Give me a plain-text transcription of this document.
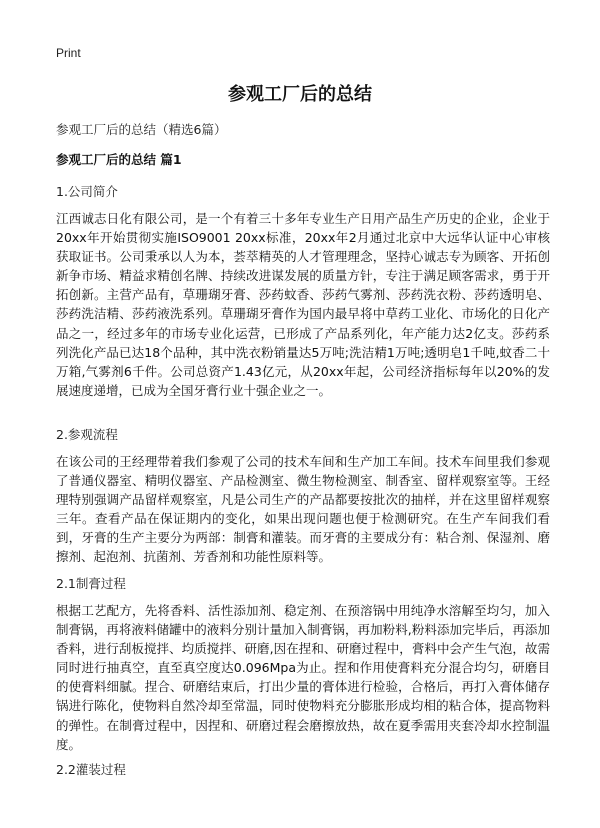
Print
参观工厂后的总结
参观工厂后的总结（精选6篇）
参观工厂后的总结 篇1
1.公司简介
江西诚志日化有限公司，是一个有着三十多年专业生产日用产品生产历史的企业，企业于20xx年开始贯彻实施ISO9001 20xx标准，20xx年2月通过北京中大远华认证中心审核获取证书。公司秉承以人为本，荟萃精英的人才管理理念，坚持心诚志专为顾客、开拓创新争市场、精益求精创名牌、持续改进谋发展的质量方针，专注于满足顾客需求，勇于开拓创新。主营产品有，草珊瑚牙膏、莎药蚊香、莎药气雾剂、莎药洗衣粉、莎药透明皂、莎药洗洁精、莎药液洗系列。草珊瑚牙膏作为国内最早将中草药工业化、市场化的日化产品之一，经过多年的市场专业化运营，已形成了产品系列化，年产能力达2亿支。莎药系列洗化产品已达18个品种，其中洗衣粉销量达5万吨;洗洁精1万吨;透明皂1千吨,蚊香二十万箱,气雾剂6千件。公司总资产1.43亿元，从20xx年起，公司经济指标每年以20%的发展速度递增，已成为全国牙膏行业十强企业之一。
2.参观流程
在该公司的王经理带着我们参观了公司的技术车间和生产加工车间。技术车间里我们参观了普通仪器室、精明仪器室、产品检测室、微生物检测室、制香室、留样观察室等。王经理特别强调产品留样观察室，凡是公司生产的产品都要按批次的抽样，并在这里留样观察三年。查看产品在保证期内的变化，如果出现问题也便于检测研究。在生产车间我们看到，牙膏的生产主要分为两部：制膏和灌装。而牙膏的主要成分有：粘合剂、保湿剂、磨擦剂、起泡剂、抗菌剂、芳香剂和功能性原料等。
2.1制膏过程
根据工艺配方，先将香料、活性添加剂、稳定剂、在预溶锅中用纯净水溶解至均匀，加入制膏锅，再将液料储罐中的液料分别计量加入制膏锅，再加粉料,粉料添加完毕后，再添加香料，进行刮板搅拌、均质搅拌、研磨,因在捏和、研磨过程中，膏料中会产生气泡，故需同时进行抽真空，直至真空度达0.096Mpa为止。捏和作用使膏料充分混合均匀，研磨目的使膏料细腻。捏合、研磨结束后，打出少量的膏体进行检验，合格后，再打入膏体储存锅进行陈化，使物料自然冷却至常温，同时使物料充分膨胀形成均相的粘合体，提高物料的弹性。在制膏过程中，因捏和、研磨过程会磨擦放热，故在夏季需用夹套冷却水控制温度。
2.2灌装过程
